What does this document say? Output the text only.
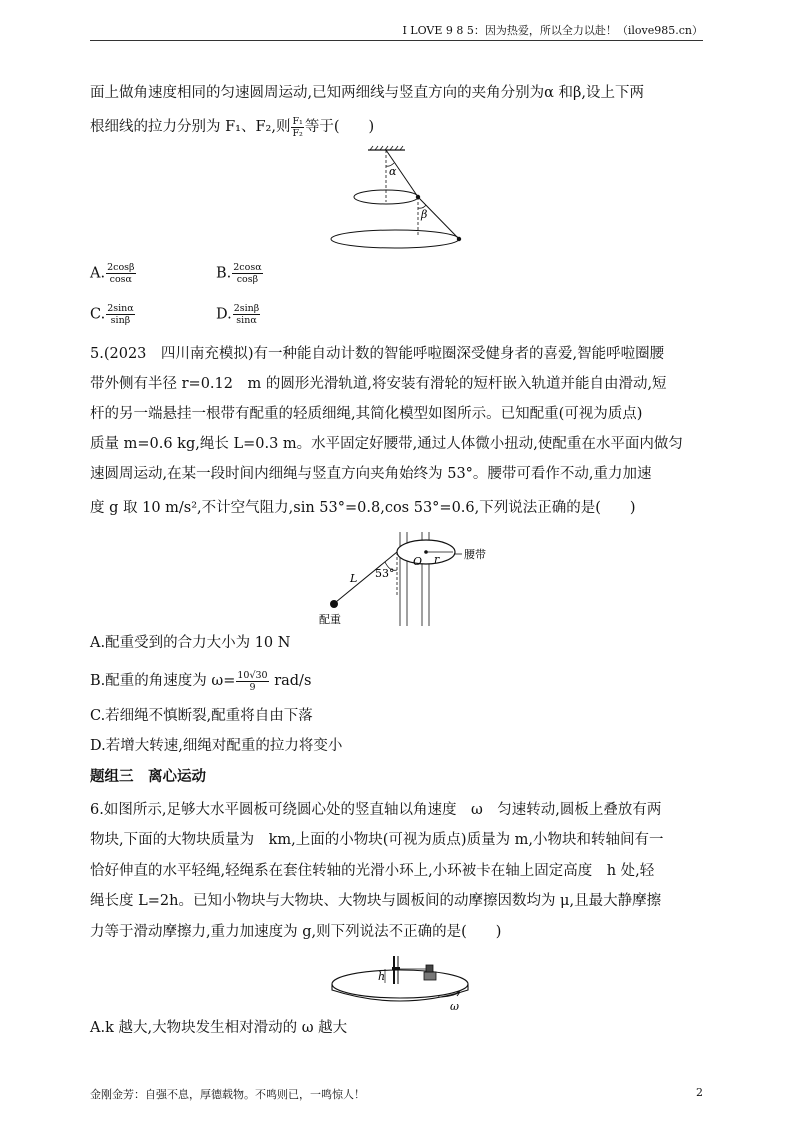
I LOVE 9 8 5：因为热爱，所以全力以赴！（ilove985.cn）
面上做角速度相同的匀速圆周运动,已知两细线与竖直方向的夹角分别为α 和β,设上下两
根细线的拉力分别为 F₁、F₂,则 $\frac{\text{F₁}}{\text{F₂}}$ 等于(　　)
α
β
A. $\frac{2\cos\beta}{\cos\alpha}$	B. $\frac{2\cos\alpha}{\cos\beta}$
C. $\frac{2\sin\alpha}{\sin\beta}$	D. $\frac{2\sin\beta}{\sin\alpha}$
5.(2023　四川南充模拟)有一种能自动计数的智能呼啦圈深受健身者的喜爱,智能呼啦圈腰
带外侧有半径 r=0.12　m 的圆形光滑轨道,将安装有滑轮的短杆嵌入轨道并能自由滑动,短
杆的另一端悬挂一根带有配重的轻质细绳,其简化模型如图所示。已知配重(可视为质点)
质量 m=0.6 kg,绳长 L=0.3 m。水平固定好腰带,通过人体微小扭动,使配重在水平面内做匀
速圆周运动,在某一段时间内细绳与竖直方向夹角始终为 53°。腰带可看作不动,重力加速
度 g 取 10 m/s²,不计空气阻力,sin 53°=0.8,cos 53°=0.6,下列说法正确的是(　　)
O r 腰带
53°
L
配重
A.配重受到的合力大小为 10 N
B.配重的角速度为 $\omega= \frac{10√30}{9} rad/s$
C.若细绳不慎断裂,配重将自由下落
D.若增大转速,细绳对配重的拉力将变小
题组三　离心运动
6.如图所示,足够大水平圆板可绕圆心处的竖直轴以角速度　ω　匀速转动,圆板上叠放有两
物块,下面的大物块质量为　km,上面的小物块(可视为质点)质量为 m,小物块和转轴间有一
恰好伸直的水平轻绳,轻绳系在套住转轴的光滑小环上,小环被卡在轴上固定高度　h 处,轻
绳长度 L=2h。已知小物块与大物块、大物块与圆板间的动摩擦因数均为 μ,且最大静摩擦
力等于滑动摩擦力,重力加速度为 g,则下列说法不正确的是(　　)
h
ω
A.k 越大,大物块发生相对滑动的 ω 越大
金刚金芳：自强不息，厚德载物。不鸣则已，一鸣惊人！	2
